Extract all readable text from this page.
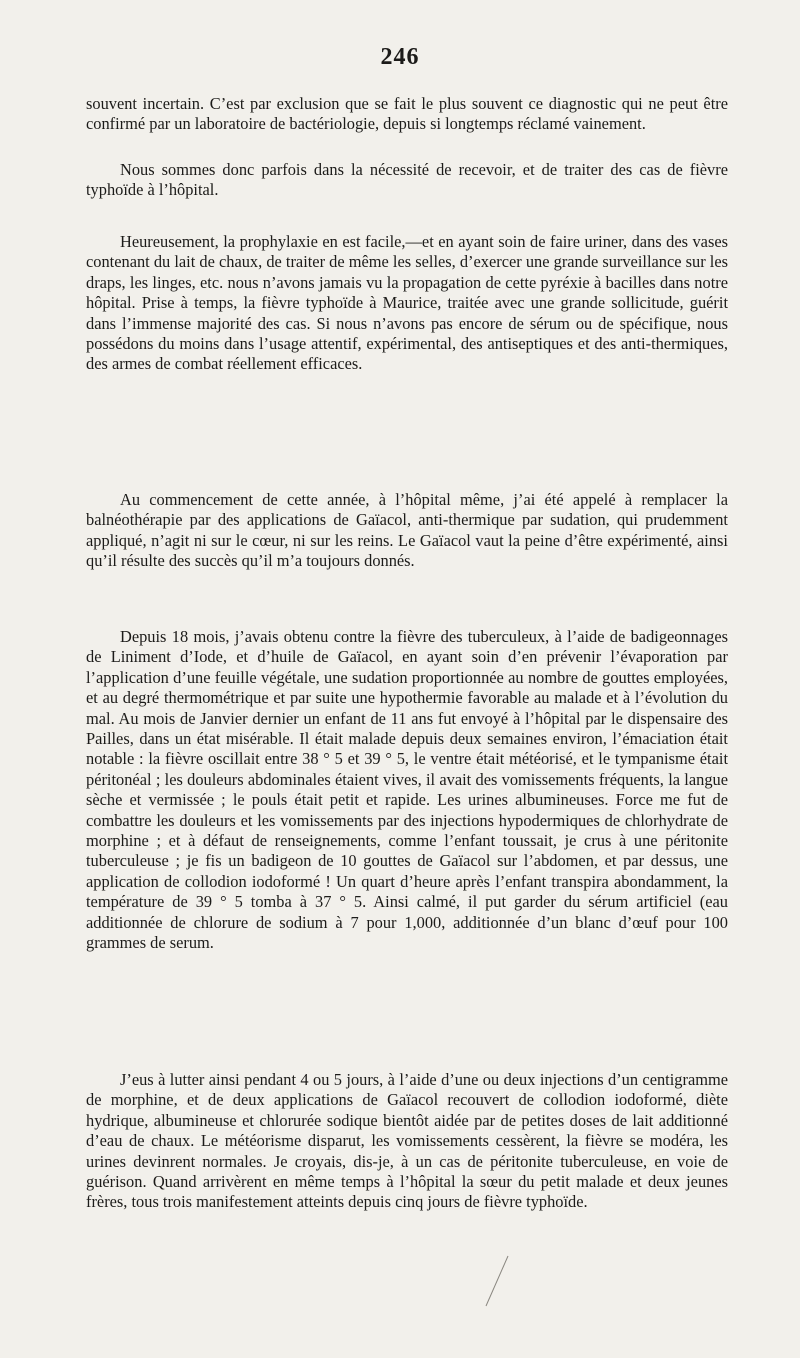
246

souvent incertain. C’est par exclusion que se fait le plus souvent ce diagnostic qui ne peut être confirmé par un laboratoire de bactériologie, depuis si longtemps réclamé vainement.

Nous sommes donc parfois dans la nécessité de recevoir, et de traiter des cas de fièvre typhoïde à l’hôpital.

Heureusement, la prophylaxie en est facile,—et en ayant soin de faire uriner, dans des vases contenant du lait de chaux, de traiter de même les selles, d’exercer une grande surveillance sur les draps, les linges, etc. nous n’avons jamais vu la propagation de cette pyréxie à bacilles dans notre hôpital. Prise à temps, la fièvre typhoïde à Maurice, traitée avec une grande sollicitude, guérit dans l’immense majorité des cas. Si nous n’avons pas encore de sérum ou de spécifique, nous possédons du moins dans l’usage attentif, expérimental, des antiseptiques et des anti-thermiques, des armes de combat réellement efficaces.

Au commencement de cette année, à l’hôpital même, j’ai été appelé à remplacer la balnéothérapie par des applications de Gaïacol, anti-thermique par sudation, qui prudemment appliqué, n’agit ni sur le cœur, ni sur les reins. Le Gaïacol vaut la peine d’être expérimenté, ainsi qu’il résulte des succès qu’il m’a toujours donnés.

Depuis 18 mois, j’avais obtenu contre la fièvre des tuberculeux, à l’aide de badigeonnages de Liniment d’Iode, et d’huile de Gaïacol, en ayant soin d’en prévenir l’évaporation par l’application d’une feuille végétale, une sudation proportionnée au nombre de gouttes employées, et au degré thermométrique et par suite une hypothermie favorable au malade et à l’évolution du mal. Au mois de Janvier dernier un enfant de 11 ans fut envoyé à l’hôpital par le dispensaire des Pailles, dans un état misérable. Il était malade depuis deux semaines environ, l’émaciation était notable : la fièvre oscillait entre 38 ° 5 et 39 ° 5, le ventre était météorisé, et le tympanisme était péritonéal ; les douleurs abdominales étaient vives, il avait des vomissements fréquents, la langue sèche et vermissée ; le pouls était petit et rapide. Les urines albumineuses. Force me fut de combattre les douleurs et les vomissements par des injections hypodermiques de chlorhydrate de morphine ; et à défaut de renseignements, comme l’enfant toussait, je crus à une péritonite tuberculeuse ; je fis un badigeon de 10 gouttes de Gaïacol sur l’abdomen, et par dessus, une application de collodion iodoformé ! Un quart d’heure après l’enfant transpira abondamment, la température de 39 ° 5 tomba à 37 ° 5. Ainsi calmé, il put garder du sérum artificiel (eau additionnée de chlorure de sodium à 7 pour 1,000, additionnée d’un blanc d’œuf pour 100 grammes de serum.

J’eus à lutter ainsi pendant 4 ou 5 jours, à l’aide d’une ou deux injections d’un centigramme de morphine, et de deux applications de Gaïacol recouvert de collodion iodoformé, diète hydrique, albumineuse et chlorurée sodique bientôt aidée par de petites doses de lait additionné d’eau de chaux. Le météorisme disparut, les vomissements cessèrent, la fièvre se modéra, les urines devinrent normales. Je croyais, dis-je, à un cas de péritonite tuberculeuse, en voie de guérison. Quand arrivèrent en même temps à l’hôpital la sœur du petit malade et deux jeunes frères, tous trois manifestement atteints depuis cinq jours de fièvre typhoïde.
